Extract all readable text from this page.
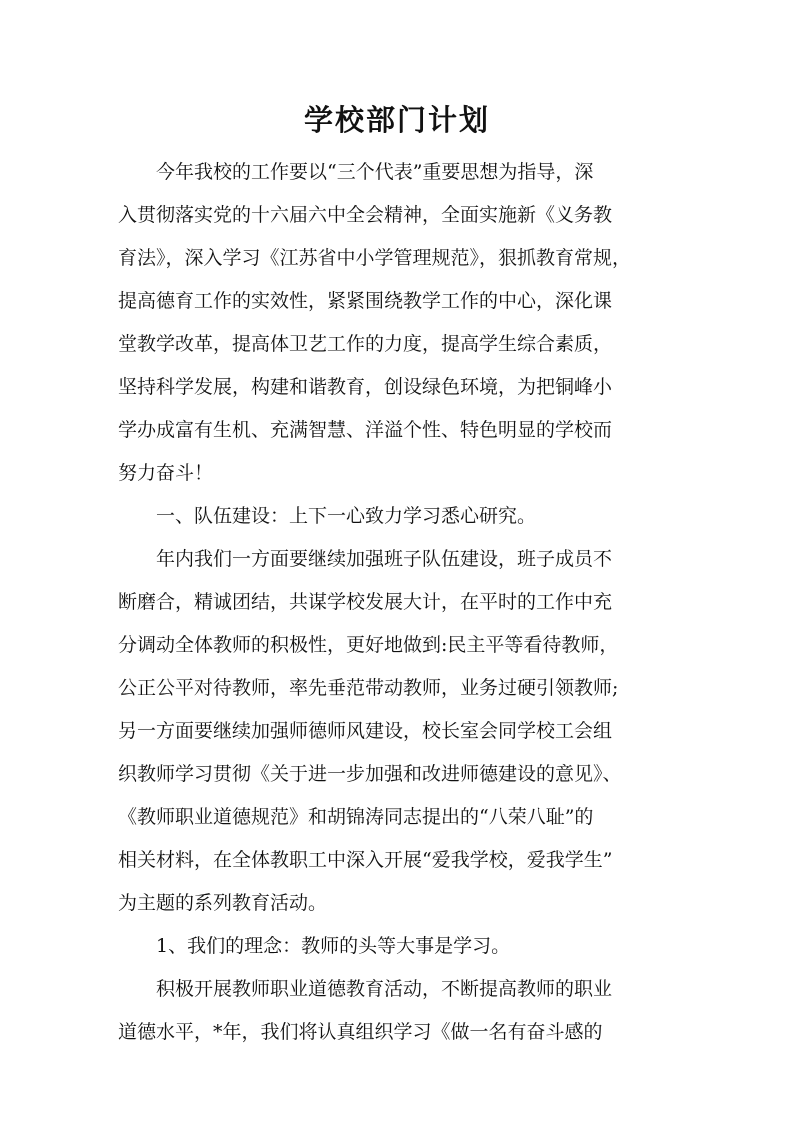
学校部门计划

　　今年我校的工作要以“三个代表”重要思想为指导，深

入贯彻落实党的十六届六中全会精神，全面实施新《义务教

育法》，深入学习《江苏省中小学管理规范》，狠抓教育常规，

提高德育工作的实效性，紧紧围绕教学工作的中心，深化课

堂教学改革，提高体卫艺工作的力度，提高学生综合素质，

坚持科学发展，构建和谐教育，创设绿色环境，为把铜峰小

学办成富有生机、充满智慧、洋溢个性、特色明显的学校而

努力奋斗！

　　一、队伍建设：上下一心致力学习悉心研究。

　　年内我们一方面要继续加强班子队伍建设，班子成员不

断磨合，精诚团结，共谋学校发展大计，在平时的工作中充

分调动全体教师的积极性，更好地做到:民主平等看待教师，

公正公平对待教师，率先垂范带动教师，业务过硬引领教师;

另一方面要继续加强师德师风建设，校长室会同学校工会组

织教师学习贯彻《关于进一步加强和改进师德建设的意见》、

《教师职业道德规范》和胡锦涛同志提出的“八荣八耻”的

相关材料，在全体教职工中深入开展“爱我学校，爱我学生”

为主题的系列教育活动。

　　1、我们的理念：教师的头等大事是学习。

　　积极开展教师职业道德教育活动，不断提高教师的职业

道德水平，*年，我们将认真组织学习《做一名有奋斗感的
